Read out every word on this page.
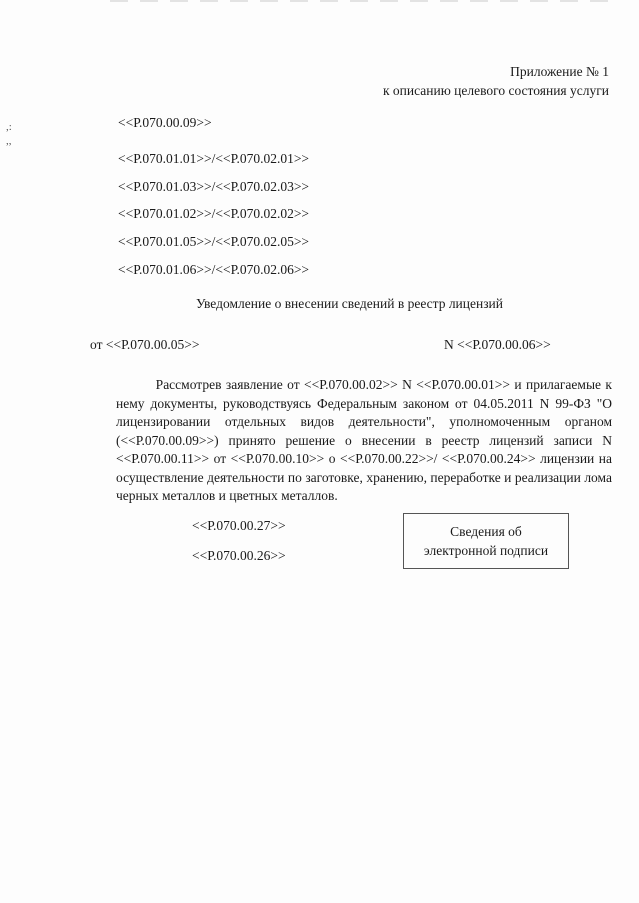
,:
,,
Приложение № 1
к описанию целевого состояния услуги
<<Р.070.00.09>>
<<Р.070.01.01>>/<<Р.070.02.01>>
<<Р.070.01.03>>/<<Р.070.02.03>>
<<Р.070.01.02>>/<<Р.070.02.02>>
<<Р.070.01.05>>/<<Р.070.02.05>>
<<Р.070.01.06>>/<<Р.070.02.06>>
Уведомление о внесении сведений в реестр лицензий
от <<Р.070.00.05>>	N <<Р.070.00.06>>

Рассмотрев заявление от <<Р.070.00.02>> N <<Р.070.00.01>> и прилагаемые к нему документы, руководствуясь Федеральным законом от 04.05.2011 N 99-ФЗ "О лицензировании отдельных видов деятельности", уполномоченным органом (<<Р.070.00.09>>) принято решение о внесении в реестр лицензий записи N <<Р.070.00.11>> от <<Р.070.00.10>> о <<Р.070.00.22>>/ <<Р.070.00.24>> лицензии на осуществление деятельности по заготовке, хранению, переработке и реализации лома черных металлов и цветных металлов.

<<Р.070.00.27>>
<<Р.070.00.26>>
Сведения об
электронной подписи
